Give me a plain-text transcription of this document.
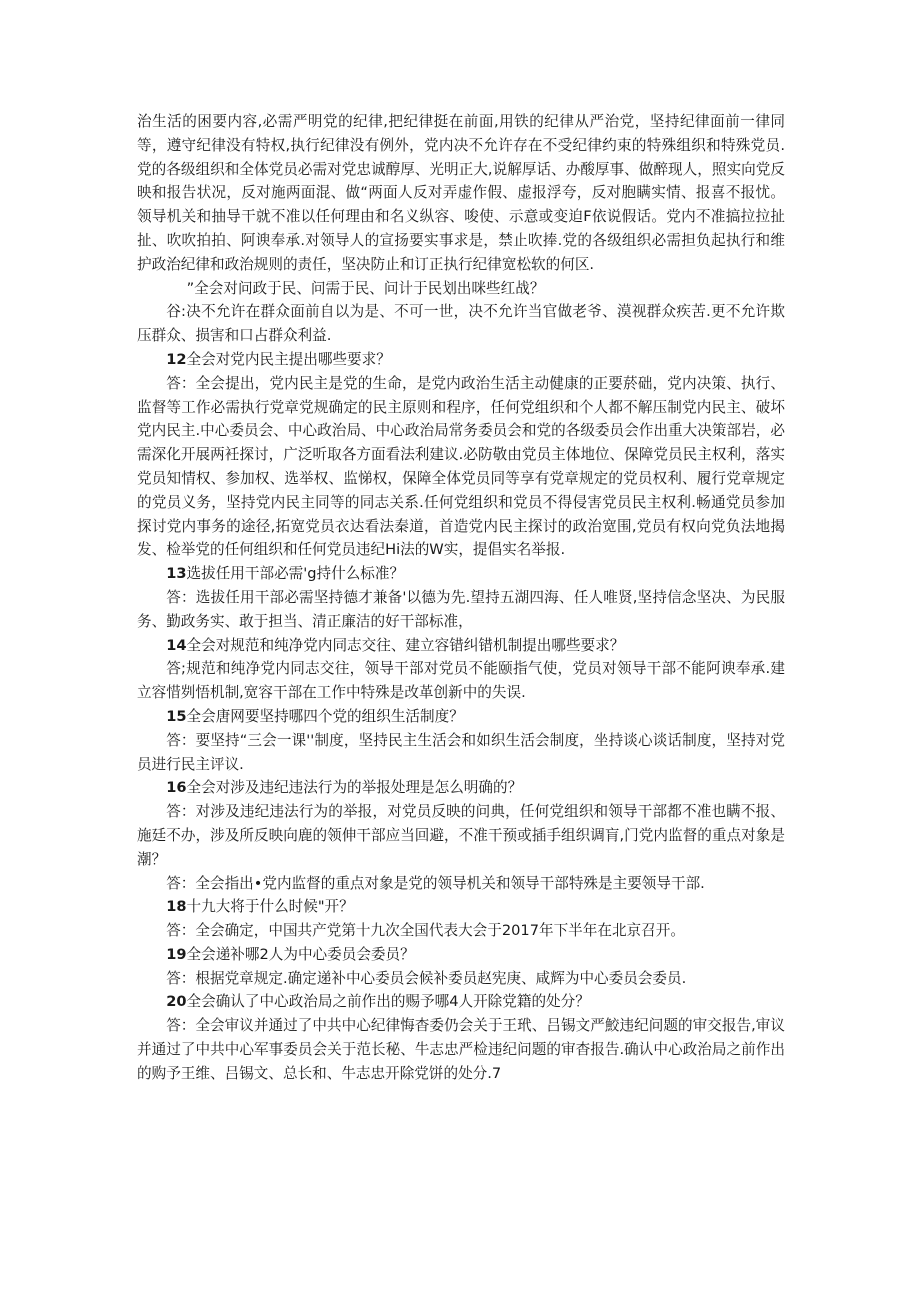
治生活的困要内容,必需严明党的纪律,把纪律挺在前面,用铁的纪律从严治党，坚持纪律面前一律同等，遵守纪律没有特权,执行纪律没有例外，党内决不允许存在不受纪律约束的特殊组织和特殊党员.党的各级组织和全体党员必需对党忠诚醇厚、光明正大,说解厚话、办酸厚事、做醉现人，照实向党反映和报告状况，反对施两面混、做“两面人反对弄虚作假、虚报浮夸，反对胞瞒实情、报喜不报忧。领导机关和抽导干就不准以任何理由和名义纵容、唆使、示意或变迫F依说假话。党内不准搞拉拉扯扯、吹吹拍拍、阿谀奉承.对领导人的宣扬要实事求是，禁止吹捧.党的各级组织必需担负起执行和维护政治纪律和政治规则的责任，坚决防止和订正执行纪律宽松软的何区.

”全会对问政于民、问需于民、问计于民划出咪些红战？

谷:决不允许在群众面前自以为是、不可一世，决不允许当官做老爷、漠视群众疾苦.更不允许欺压群众、损害和口占群众利益.

12全会对党内民主提出哪些要求？

答：全会提出，党内民主是党的生命，是党内政治生活主动健康的正要菸础，党内决策、执行、监督等工作必需执行党章党规确定的民主原则和程序，任何党组织和个人都不解压制党内民主、破坏党内民主.中心委员会、中心政治局、中心政治局常务委员会和党的各级委员会作出重大决策部岩，必需深化开展两衽探讨，广泛听取各方面看法利建议.必防敬由党员主体地位、保障党员民主权利，落实党员知情权、参加权、选举权、监悌权，保障全体党员同等享有党章规定的党员权利、履行党章规定的党员义务，坚持党内民主同等的同志关系.任何党组织和党员不得侵害党员民主权利.畅通党员参加探讨党内事务的途径,拓宽党员衣达看法秦道，首造党内民主探讨的政治宽围,党员有权向党负法地揭发、检举党的任何组织和任何党员违纪Hi法的W实，提倡实名举报.

13选拔任用干部必需'g持什么标准？

答：选拔任用干部必需坚持德才兼备'以德为先.望持五湖四海、任人唯贤,坚持信念坚决、为民服务、勤政务实、敢于担当、清正廉洁的好干部标准，

14全会对规范和纯净党内同志交往、建立容错纠错机制提出哪些要求？

答;规范和纯净党内同志交往，领导干部对党员不能颐指气使，党员对领导干部不能阿谀奉承.建立容惜刿悟机制,宽容干部在工作中特殊是改革创新中的失误.

15全会唐网要坚持哪四个党的组织生活制度？

答：要坚持“三会一课''制度，坚持民主生活会和如织生活会制度，坐持谈心谈话制度，坚持对党员进行民主评议.

16全会对涉及违纪违法行为的举报处理是怎么明确的？

答：对涉及违纪违法行为的举报，对党员反映的问典，任何党组织和领导干部都不准也瞒不报、施廷不办，涉及所反映向鹿的领伸干部应当回避，不准干预或插手组织调肓,门党内监督的重点对象是潮？

答：全会指出•党内监督的重点对象是党的领导机关和领导干部特殊是主要领导干部.

18十九大将于什么时候"开？

答：全会确定，中国共产党第十九次全国代表大会于2017年下半年在北京召开。

19全会递补哪2人为中心委员会委员？

答：根据党章规定.确定递补中心委员会候补委员赵宪庚、咸辉为中心委员会委员.

20全会确认了中心政治局之前作出的赐予哪4人开除党籍的处分？

答：全会审议并通过了中共中心纪律悔杳委仍会关于王玳、吕锡文严鮫违纪问题的审交报告,审议并通过了中共中心军事委员会关于范长秘、牛志忠严检违纪问题的审杳报告.确认中心政治局之前作出的购予王维、吕锡文、总长和、牛志忠开除党饼的处分.7
